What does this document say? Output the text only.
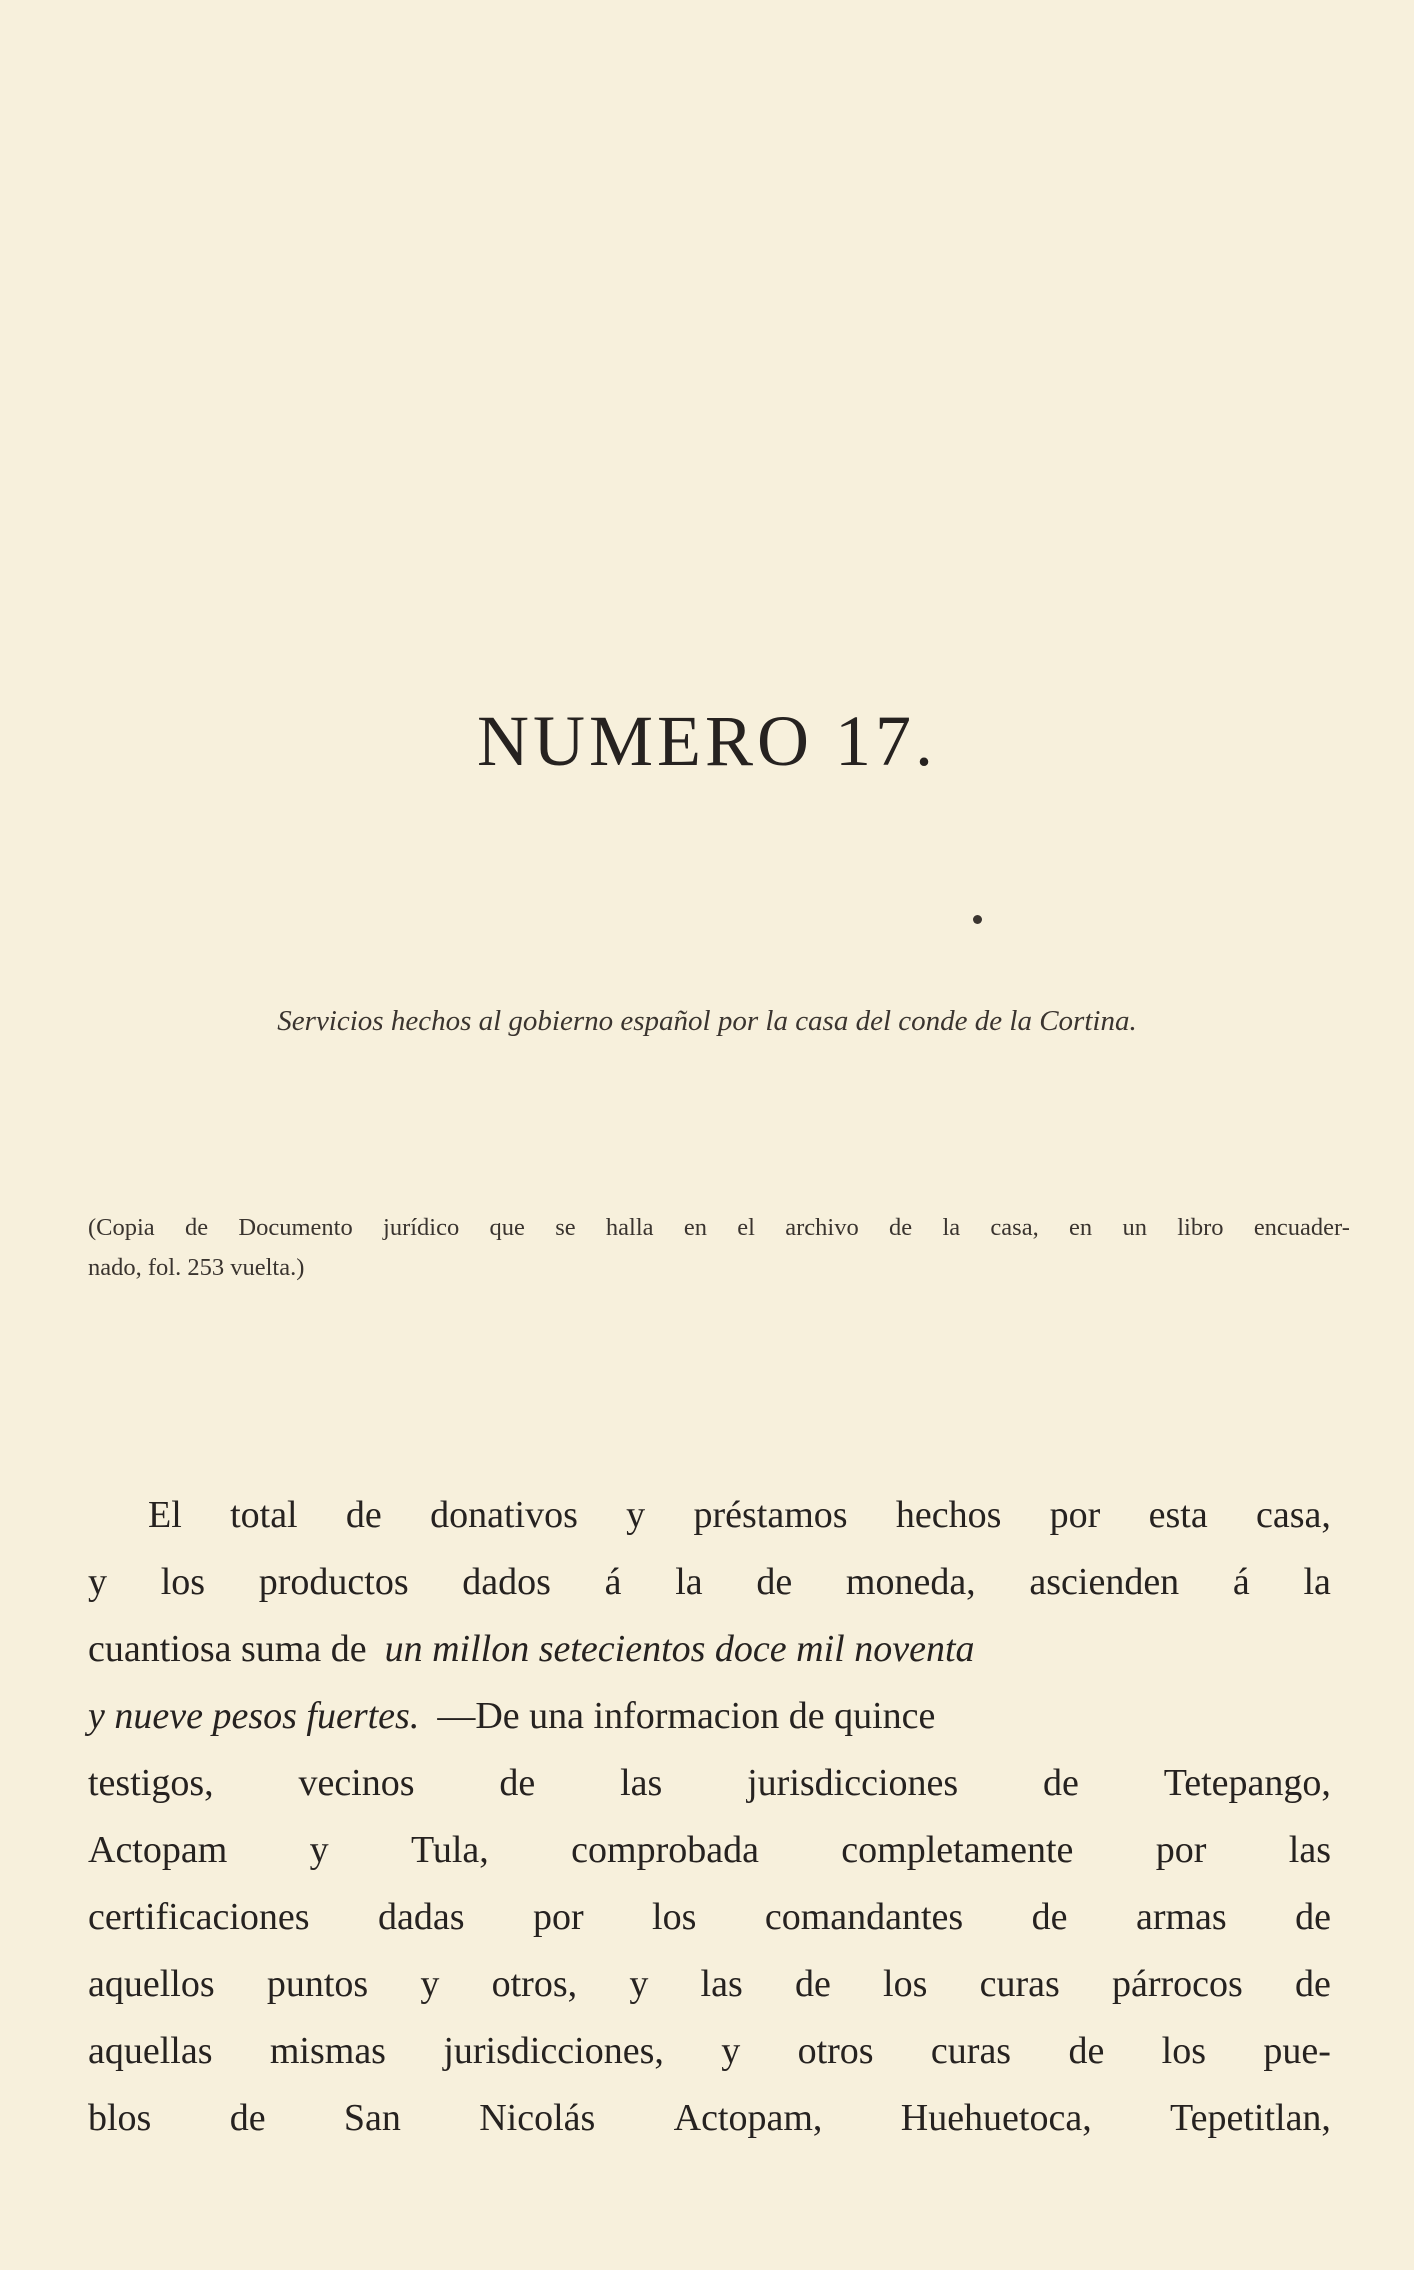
NUMERO 17.
Servicios hechos al gobierno español por la casa del conde de la Cortina.
(Copia de Documento jurídico que se halla en el archivo de la casa, en un libro encuader-
nado, fol. 253 vuelta.)
El total de donativos y préstamos hechos por esta casa,
y los productos dados á la de moneda, ascienden á la
cuantiosa suma de un millon setecientos doce mil noventa
y nueve pesos fuertes. —De una informacion de quince
testigos, vecinos de las jurisdicciones de Tetepango,
Actopam y Tula, comprobada completamente por las
certificaciones dadas por los comandantes de armas de
aquellos puntos y otros, y las de los curas párrocos de
aquellas mismas jurisdicciones, y otros curas de los pue-
blos de San Nicolás Actopam, Huehuetoca, Tepetitlan,
